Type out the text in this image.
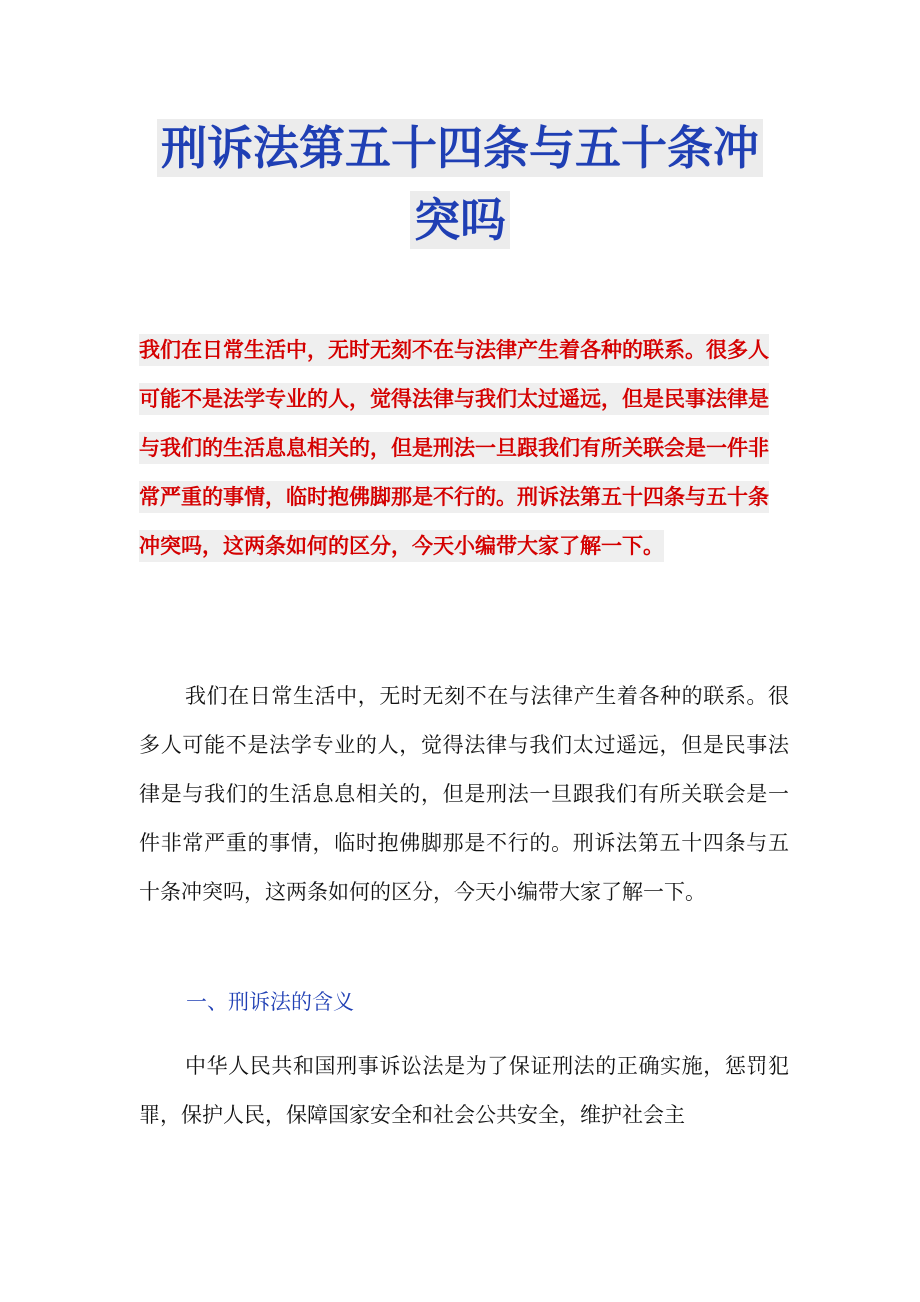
刑诉法第五十四条与五十条冲
突吗

我们在日常生活中，无时无刻不在与法律产生着各种的联系。很多人可能不是法学专业的人，觉得法律与我们太过遥远，但是民事法律是与我们的生活息息相关的，但是刑法一旦跟我们有所关联会是一件非常严重的事情，临时抱佛脚那是不行的。刑诉法第五十四条与五十条冲突吗，这两条如何的区分，今天小编带大家了解一下。

我们在日常生活中，无时无刻不在与法律产生着各种的联系。很多人可能不是法学专业的人，觉得法律与我们太过遥远，但是民事法律是与我们的生活息息相关的，但是刑法一旦跟我们有所关联会是一件非常严重的事情，临时抱佛脚那是不行的。刑诉法第五十四条与五十条冲突吗，这两条如何的区分，今天小编带大家了解一下。

一、刑诉法的含义

中华人民共和国刑事诉讼法是为了保证刑法的正确实施，惩罚犯罪，保护人民，保障国家安全和社会公共安全，维护社会主
